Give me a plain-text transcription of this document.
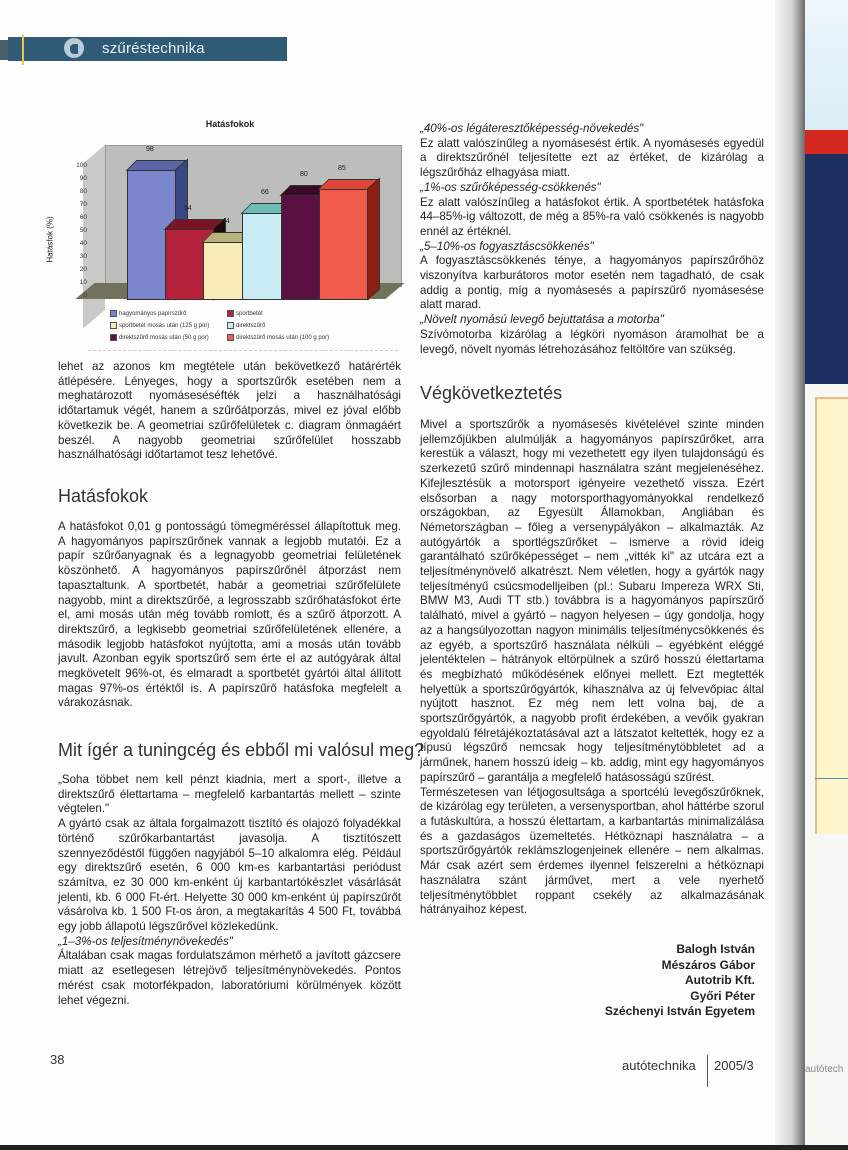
szűréstechnika
Hatásfokok
Hatásfok (%)
100
90
80
70
60
50
40
30
20
10
0
98
54
44
66
80
85
hagyományos papírszűrő	sportbetét
sportbetét mosás után (125 g por)	direktszűrő
direktszűrő mosás után (50 g por)	direktszűrő mosás után (100 g por)

lehet az azonos km megtétele után bekövetkező határérték átlépésére. Lényeges, hogy a sportszűrők esetében nem a meghatározott nyomáseséséfték jelzi a használhatósági időtartamuk végét, hanem a szűrőátporzás, mivel ez jóval előbb következik be. A geometriai szűrőfelületek c. diagram önmagáért beszél. A nagyobb geometriai szűrőfelület hosszabb használhatósági időtartamot tesz lehetővé.

Hatásfokok

A hatásfokot 0,01 g pontosságú tömegméréssel állapítottuk meg. A hagyományos papírszűrőnek vannak a legjobb mutatói. Ez a papír szűrőanyagnak és a legnagyobb geometriai felületének köszönhető. A hagyományos papírszűrőnél átporzást nem tapasztaltunk. A sportbetét, habár a geometriai szűrőfelülete nagyobb, mint a direktszűrőé, a legrosszabb szűrőhatásfokot érte el, ami mosás után még tovább romlott, és a szűrő átporzott. A direktszűrő, a legkisebb geometriai szűrőfelületének ellenére, a második legjobb hatásfokot nyújtotta, ami a mosás után tovább javult. Azonban egyik sportszűrő sem érte el az autógyárak által megkövetelt 96%-ot, és elmaradt a sportbetét gyártói által állított magas 97%-os értéktől is. A papírszűrő hatásfoka megfelelt a várakozásnak.

Mit ígér a tuningcég és ebből mi valósul meg?

„Soha többet nem kell pénzt kiadnia, mert a sport-, illetve a direktszűrő élettartama – megfelelő karbantartás mellett – szinte végtelen."

A gyártó csak az általa forgalmazott tisztító és olajozó folyadékkal történő szűrőkarbantartást javasolja. A tisztítószett szennyeződéstől függően nagyjából 5–10 alkalomra elég. Például egy direktszűrő esetén, 6 000 km-es karbantartási periódust számítva, ez 30 000 km-enként új karbantartókészlet vásárlását jelenti, kb. 6 000 Ft-ért. Helyette 30 000 km-enként új papírszűrőt vásárolva kb. 1 500 Ft-os áron, a megtakarítás 4 500 Ft, továbbá egy jobb állapotú légszűrővel közlekedünk.

„1–3%-os teljesítménynövekedés"

Általában csak magas fordulatszámon mérhető a javított gázcsere miatt az esetlegesen létrejövő teljesítménynövekedés. Pontos mérést csak motorfékpadon, laboratóriumi körülmények között lehet végezni.

„40%-os légáteresztőképesség-növekedés"

Ez alatt valószínűleg a nyomásesést értik. A nyomásesés egyedül a direktszűrőnél teljesítette ezt az értéket, de kizárólag a légszűrőház elhagyása miatt.

„1%-os szűrőképesség-csökkenés"

Ez alatt valószínűleg a hatásfokot értik. A sportbetétek hatásfoka 44–85%-ig változott, de még a 85%-ra való csökkenés is nagyobb ennél az értéknél.

„5–10%-os fogyasztáscsökkenés"

A fogyasztáscsökkenés ténye, a hagyományos papírszűrőhöz viszonyítva karburátoros motor esetén nem tagadható, de csak addig a pontig, míg a nyomásesés a papírszűrő nyomásesése alatt marad.

„Növelt nyomású levegő bejuttatása a motorba"

Szívómotorba kizárólag a légköri nyomáson áramolhat be a levegő, növelt nyomás létrehozásához feltöltőre van szükség.

Végkövetkeztetés

Mivel a sportszűrők a nyomásesés kivételével szinte minden jellemzőjükben alulmúlják a hagyományos papírszűrőket, arra kerestük a választ, hogy mi vezethetett egy ilyen tulajdonságú és szerkezetű szűrő mindennapi használatra szánt megjelenéséhez. Kifejlesztésük a motorsport igényeire vezethető vissza. Ezért elsősorban a nagy motorsporthagyományokkal rendelkező országokban, az Egyesült Államokban, Angliában és Németországban – főleg a versenypályákon – alkalmazták. Az autógyártók a sportlégszűrőket – ismerve a rövid ideig garantálható szűrőképességet – nem „vitték ki" az utcára ezt a teljesítménynövelő alkatrészt. Nem véletlen, hogy a gyártók nagy teljesítményű csúcsmodelljeiben (pl.: Subaru Impereza WRX Sti, BMW M3, Audi TT stb.) továbbra is a hagyományos papírszűrő található, mivel a gyártó – nagyon helyesen – úgy gondolja, hogy az a hangsúlyozottan nagyon minimális teljesítménycsökkenés és az egyéb, a sportszűrő használata nélküli – egyébként eléggé jelentéktelen – hátrányok eltörpülnek a szűrő hosszú élettartama és megbízható működésének előnyei mellett. Ezt megtették helyettük a sportszűrőgyártók, kihasználva az új felvevőpiac által nyújtott hasznot. Ez még nem lett volna baj, de a sportszűrőgyártók, a nagyobb profit érdekében, a vevőik gyakran egyoldalú félretájékoztatásával azt a látszatot keltették, hogy ez a típusú légszűrő nemcsak hogy teljesítménytöbbletet ad a járműnek, hanem hosszú ideig – kb. addig, mint egy hagyományos papírszűrő – garantálja a megfelelő hatásosságú szűrést.

Természetesen van létjogosultsága a sportcélú levegőszűrőknek, de kizárólag egy területen, a versenysportban, ahol háttérbe szorul a futáskultúra, a hosszú élettartam, a karbantartás minimalizálása és a gazdaságos üzemeltetés. Hétköznapi használatra – a sportszűrőgyártók reklámszlogenjeinek ellenére – nem alkalmas. Már csak azért sem érdemes ilyennel felszerelni a hétköznapi használatra szánt járművet, mert a vele nyerhető teljesítménytöbblet roppant csekély az alkalmazásának hátrányaihoz képest.

Balogh István
Mészáros Gábor
Autotrib Kft.
Győri Péter
Széchenyi István Egyetem
38	autótechnika 2005/3	autótech
